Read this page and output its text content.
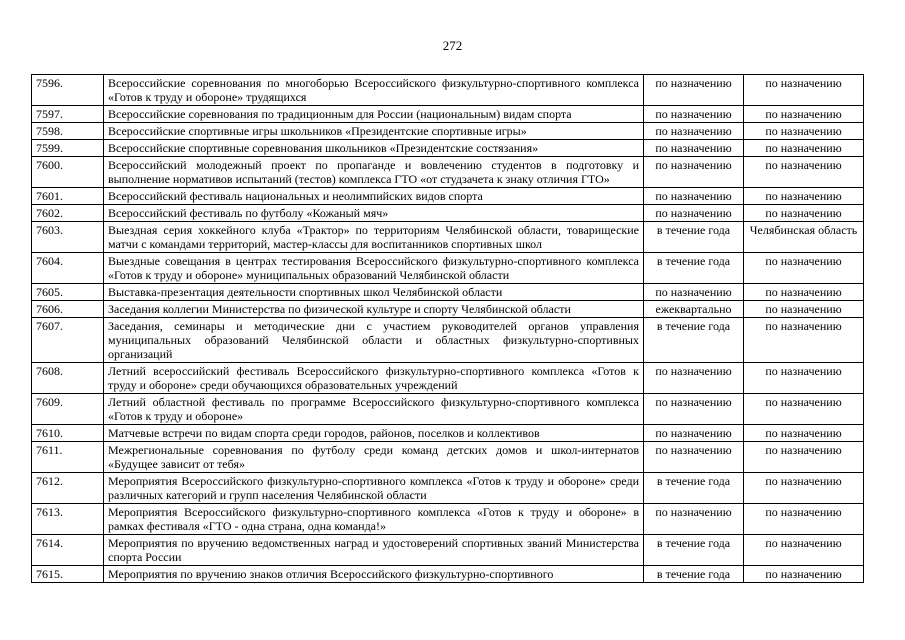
272
7596.	Всероссийские соревнования по многоборью Всероссийского физкультурно-спортивного комплекса «Готов к труду и обороне» трудящихся	по назначению	по назначению
7597.	Всероссийские соревнования по традиционным для России (национальным) видам спорта	по назначению	по назначению
7598.	Всероссийские спортивные игры школьников «Президентские спортивные игры»	по назначению	по назначению
7599.	Всероссийские спортивные соревнования школьников «Президентские состязания»	по назначению	по назначению
7600.	Всероссийский молодежный проект по пропаганде и вовлечению студентов в подготовку и выполнение нормативов испытаний (тестов) комплекса ГТО «от студзачета к знаку отличия ГТО»	по назначению	по назначению
7601.	Всероссийский фестиваль национальных и неолимпийских видов спорта	по назначению	по назначению
7602.	Всероссийский фестиваль по футболу «Кожаный мяч»	по назначению	по назначению
7603.	Выездная серия хоккейного клуба «Трактор» по территориям Челябинской области, товарищеские матчи с командами территорий, мастер-классы для воспитанников спортивных школ	в течение года	Челябинская область
7604.	Выездные совещания в центрах тестирования Всероссийского физкультурно-спортивного комплекса «Готов к труду и обороне» муниципальных образований Челябинской области	в течение года	по назначению
7605.	Выставка-презентация деятельности спортивных школ Челябинской области	по назначению	по назначению
7606.	Заседания коллегии Министерства по физической культуре и спорту Челябинской области	ежеквартально	по назначению
7607.	Заседания, семинары и методические дни с участием руководителей органов управления муниципальных образований Челябинской области и областных физкультурно-спортивных организаций	в течение года	по назначению
7608.	Летний всероссийский фестиваль Всероссийского физкультурно-спортивного комплекса «Готов к труду и обороне» среди обучающихся образовательных учреждений	по назначению	по назначению
7609.	Летний областной фестиваль по программе Всероссийского физкультурно-спортивного комплекса «Готов к труду и обороне»	по назначению	по назначению
7610.	Матчевые встречи по видам спорта среди городов, районов, поселков и коллективов	по назначению	по назначению
7611.	Межрегиональные соревнования по футболу среди команд детских домов и школ-интернатов «Будущее зависит от тебя»	по назначению	по назначению
7612.	Мероприятия Всероссийского физкультурно-спортивного комплекса «Готов к труду и обороне» среди различных категорий и групп населения Челябинской области	в течение года	по назначению
7613.	Мероприятия Всероссийского физкультурно-спортивного комплекса «Готов к труду и обороне» в рамках фестиваля «ГТО - одна страна, одна команда!»	по назначению	по назначению
7614.	Мероприятия по вручению ведомственных наград и удостоверений спортивных званий Министерства спорта России	в течение года	по назначению
7615.	Мероприятия по вручению знаков отличия Всероссийского физкультурно-спортивного	в течение года	по назначению
